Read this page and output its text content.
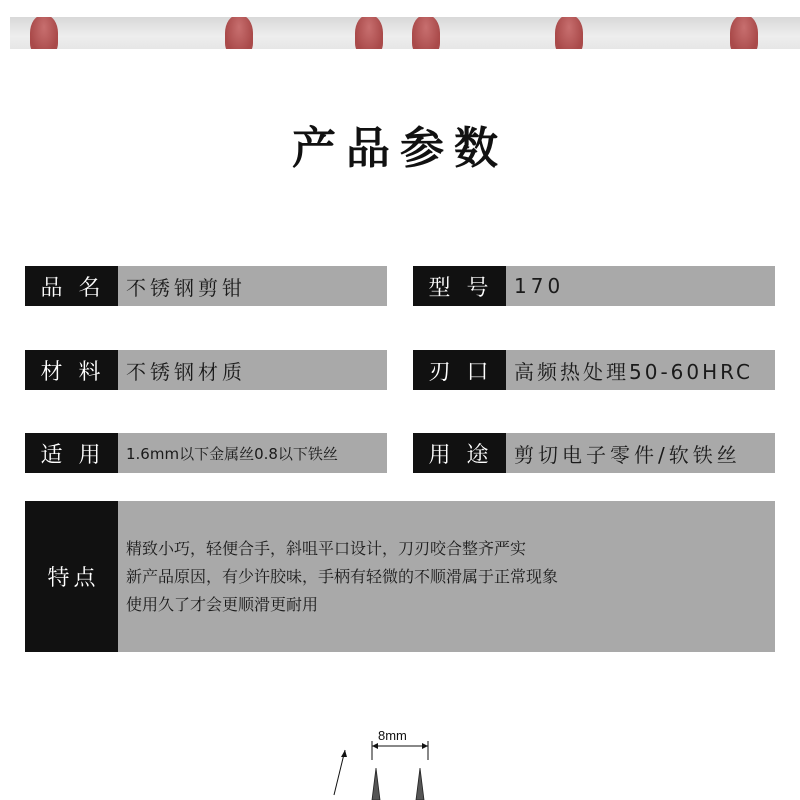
产品参数
品名 不锈钢剪钳	型号 170
材料 不锈钢材质	刃口 高频热处理50-60HRC
适用 1.6mm以下金属丝0.8以下铁丝	用途 剪切电子零件/软铁丝
特点
精致小巧，轻便合手，斜咀平口设计，刀刃咬合整齐严实
新产品原因，有少许胶味，手柄有轻微的不顺滑属于正常现象
使用久了才会更顺滑更耐用
8mm
